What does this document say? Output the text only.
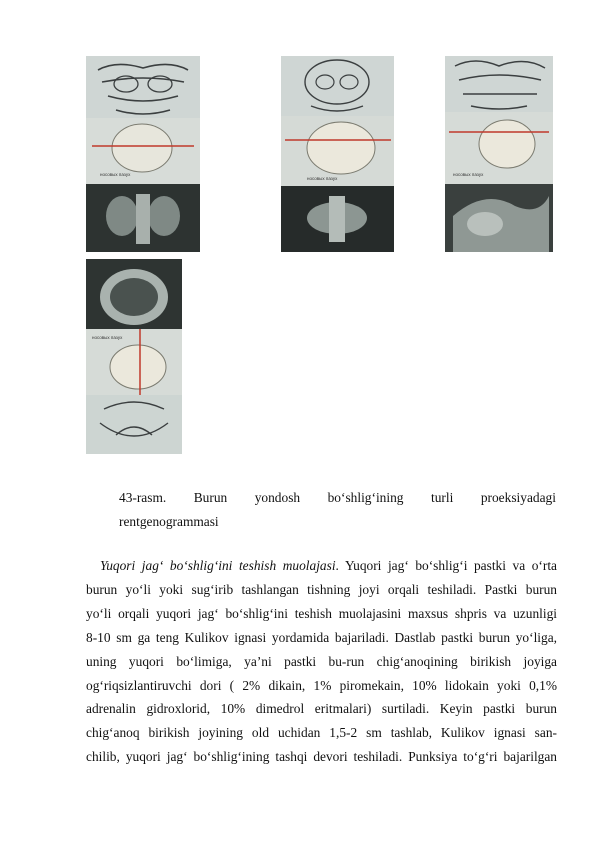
носовых пазух
носовых пазух
носовых пазух
носовых пазух
43-rasm. Burun yondosh bo‘shlig‘ining turli proeksiyadagi
rentgenogrammasi

Yuqori jag‘ bo‘shlig‘ini teshish muolajasi. Yuqori jag‘ bo‘shlig‘i pastki va o‘rta
burun yo‘li yoki sug‘irib tashlangan tishning joyi orqali teshiladi. Pastki burun
yo‘li orqali yuqori jag‘ bo‘shlig‘ini teshish muolajasini maxsus shpris va uzunligi
8-10 sm ga teng Kulikov ignasi yordamida bajariladi. Dastlab pastki burun yo‘liga,
uning yuqori bo‘limiga, ya’ni pastki bu-run chig‘anoqining birikish joyiga
og‘riqsizlantiruvchi dori ( 2% dikain, 1% piromekain, 10% lidokain yoki 0,1%
adrenalin gidroxlorid, 10% dimedrol eritmalari) surtiladi. Keyin pastki burun
chig‘anoq birikish joyining old uchidan 1,5-2 sm tashlab, Kulikov ignasi san-
chilib, yuqori jag‘ bo‘shlig‘ining tashqi devori teshiladi. Punksiya to‘g‘ri bajarilgan
